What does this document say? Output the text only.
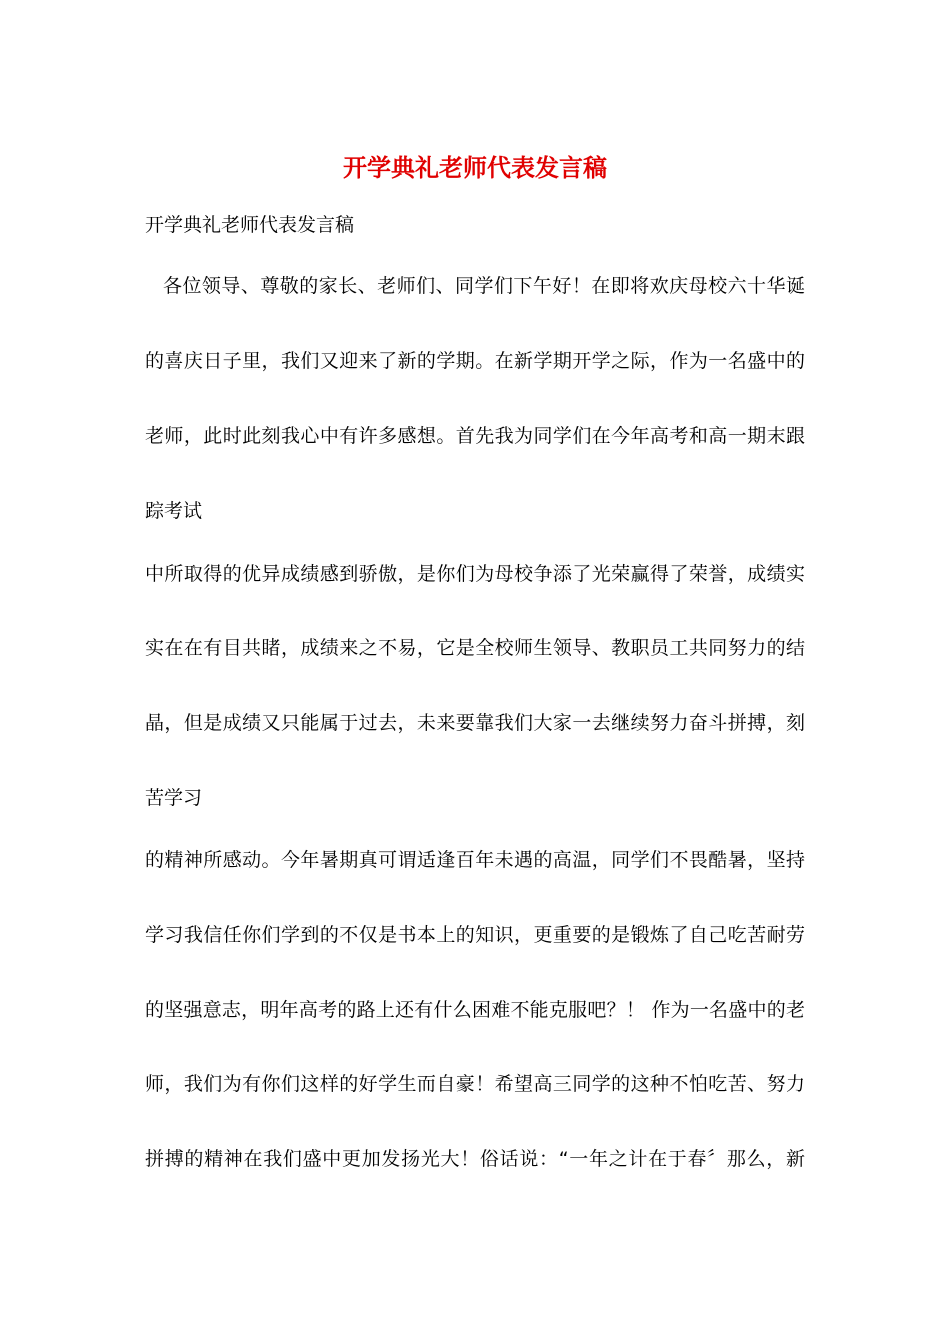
开学典礼老师代表发言稿

开学典礼老师代表发言稿

各位领导、尊敬的家长、老师们、同学们下午好！在即将欢庆母校六十华诞

的喜庆日子里，我们又迎来了新的学期。在新学期开学之际，作为一名盛中的

老师，此时此刻我心中有许多感想。首先我为同学们在今年高考和高一期末跟

踪考试

中所取得的优异成绩感到骄傲，是你们为母校争添了光荣赢得了荣誉，成绩实

实在在有目共睹，成绩来之不易，它是全校师生领导、教职员工共同努力的结

晶，但是成绩又只能属于过去，未来要靠我们大家一去继续努力奋斗拼搏，刻

苦学习

的精神所感动。今年暑期真可谓适逢百年未遇的高温，同学们不畏酷暑，坚持

学习我信任你们学到的不仅是书本上的知识，更重要的是锻炼了自己吃苦耐劳

的坚强意志，明年高考的路上还有什么困难不能克服吧？！ 作为一名盛中的老

师，我们为有你们这样的好学生而自豪！希望高三同学的这种不怕吃苦、努力

拼搏的精神在我们盛中更加发扬光大！俗话说：“一年之计在于春〞那么，新
